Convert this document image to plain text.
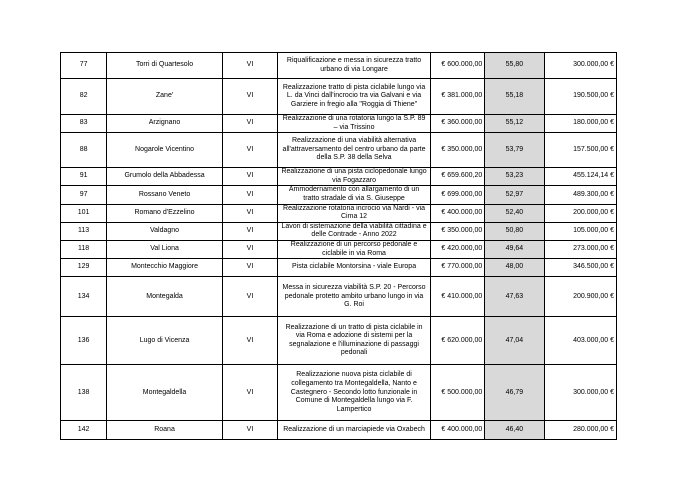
77	Torri di Quartesolo	VI	Riqualificazione e messa in sicurezza tratto urbano di via Longare	€ 600.000,00	55,80	300.000,00 €	
82	Zane'	VI	Realizzazione tratto di pista ciclabile lungo via L. da Vinci dall'incrocio tra via Galvani e via Garziere in fregio alla "Roggia di Thiene"	€ 381.000,00	55,18	190.500,00 €	
83	Arzignano	VI	Realizzazione di una rotatoria lungo la S.P. 89 – via Trissino	€ 360.000,00	55,12	180.000,00 €	
88	Nogarole Vicentino	VI	Realizzazione di una viabilità alternativa all'attraversamento del centro urbano da parte della S.P. 38 della Selva	€ 350.000,00	53,79	157.500,00 €	
91	Grumolo della Abbadessa	VI	Realizzazione di una pista ciclopedonale lungo via Fogazzaro	€ 659.600,20	53,23	455.124,14 €	
97	Rossano Veneto	VI	Ammodernamento con allargamento di un tratto stradale di via S. Giuseppe	€ 699.000,00	52,97	489.300,00 €	
101	Romano d'Ezzelino	VI	Realizzazione rotatoria incrocio via Nardi - via Cima 12	€ 400.000,00	52,40	200.000,00 €	
113	Valdagno	VI	Lavori di sistemazione della viabilità cittadina e delle Contrade - Anno 2022	€ 350.000,00	50,80	105.000,00 €	
118	Val Liona	VI	Realizzazione di un percorso pedonale e ciclabile in via Roma	€ 420.000,00	49,64	273.000,00 €	
129	Montecchio Maggiore	VI	Pista ciclabile Montorsina - viale Europa	€ 770.000,00	48,00	346.500,00 €	
134	Montegalda	VI	Messa in sicurezza viabilità S.P. 20 - Percorso pedonale protetto ambito urbano lungo in via G. Roi	€ 410.000,00	47,63	200.900,00 €	
136	Lugo di Vicenza	VI	Realizzazione di un tratto di pista ciclabile in via Roma e adozione di sistemi per la segnalazione e l'illuminazione di passaggi pedonali	€ 620.000,00	47,04	403.000,00 €	
138	Montegaldella	VI	Realizzazione nuova pista ciclabile di collegamento tra Montegaldella, Nanto e Castegnero - Secondo lotto funzionale in Comune di Montegaldella lungo via F. Lampertico	€ 500.000,00	46,79	300.000,00 €	
142	Roana	VI	Realizzazione di un marciapiede via Oxabech	€ 400.000,00	46,40	280.000,00 €	
